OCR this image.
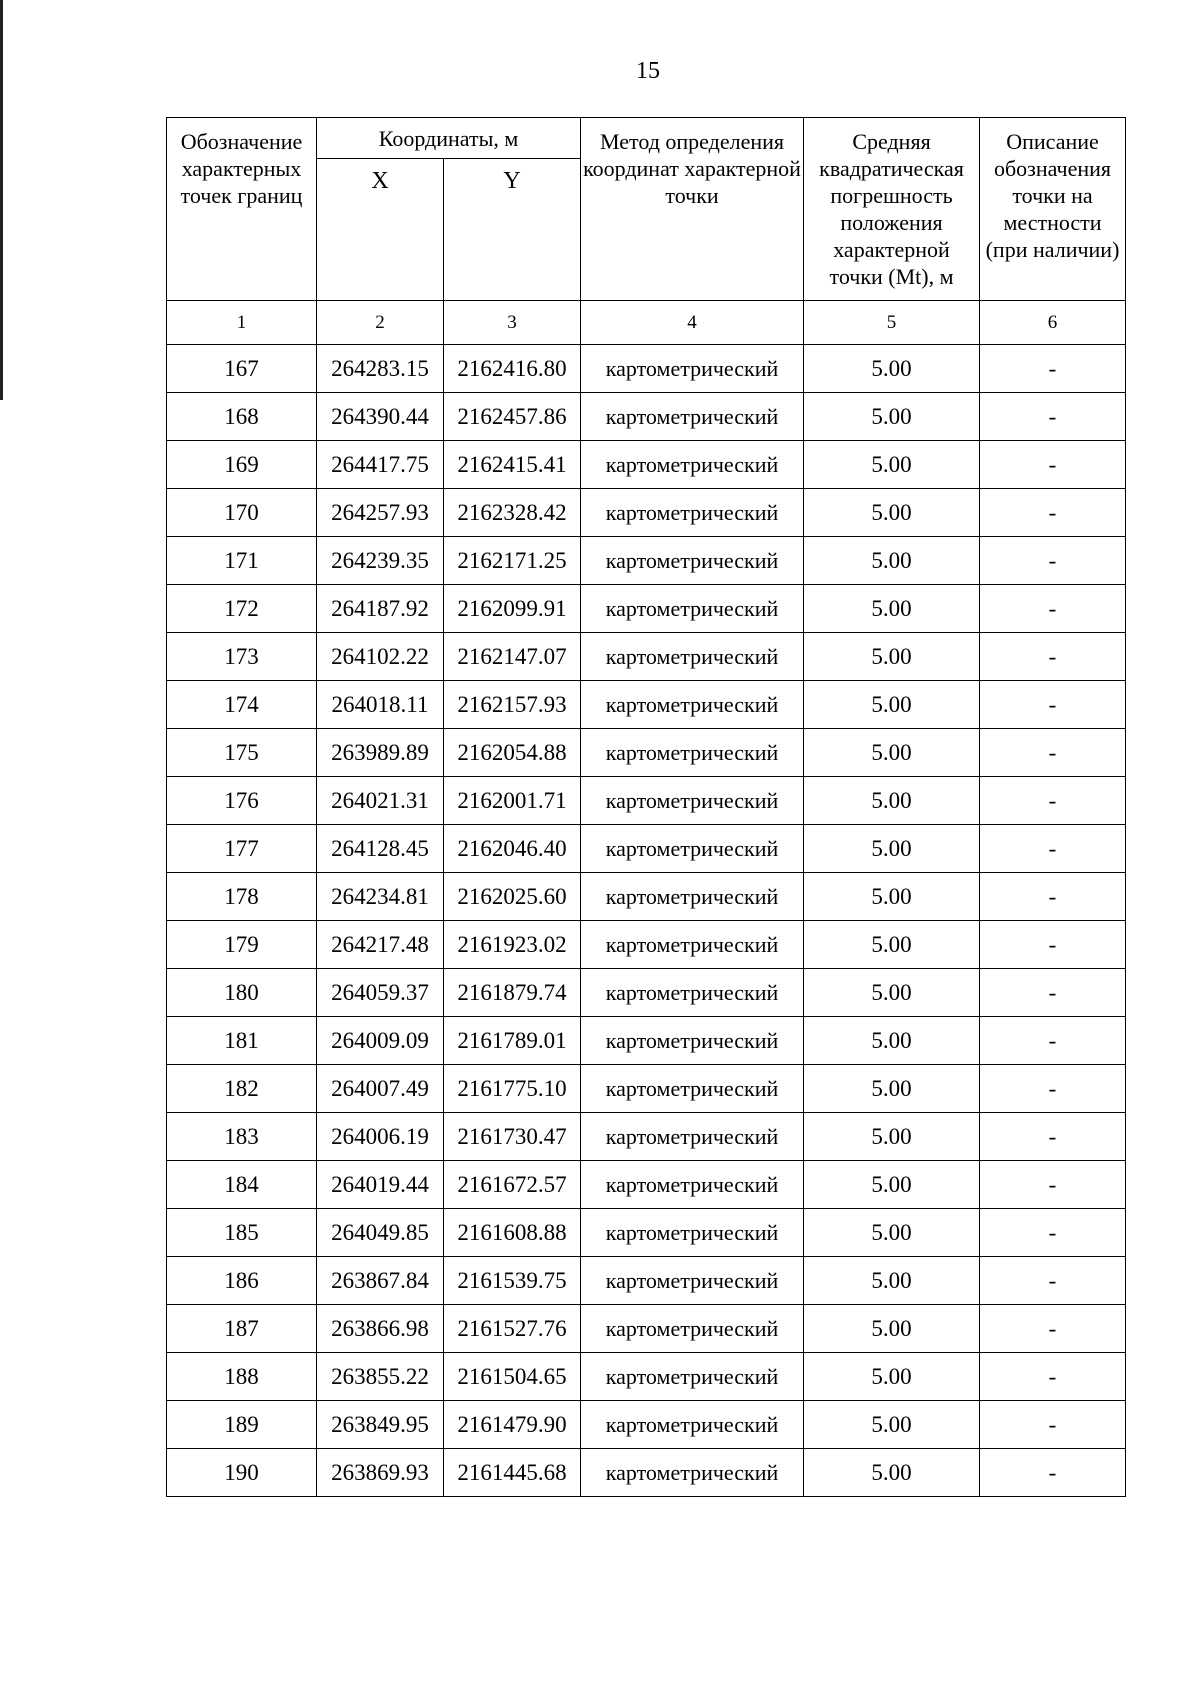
15
Обозначение характерных точек границ	Координаты, м		Метод определения координат характерной точки	Средняя квадратическая погрешность положения характерной точки (Mt), м	Описание обозначения точки на местности (при наличии)
	X	Y			
1	2	3	4	5	6
167	264283.15	2162416.80	картометрический	5.00	-
168	264390.44	2162457.86	картометрический	5.00	-
169	264417.75	2162415.41	картометрический	5.00	-
170	264257.93	2162328.42	картометрический	5.00	-
171	264239.35	2162171.25	картометрический	5.00	-
172	264187.92	2162099.91	картометрический	5.00	-
173	264102.22	2162147.07	картометрический	5.00	-
174	264018.11	2162157.93	картометрический	5.00	-
175	263989.89	2162054.88	картометрический	5.00	-
176	264021.31	2162001.71	картометрический	5.00	-
177	264128.45	2162046.40	картометрический	5.00	-
178	264234.81	2162025.60	картометрический	5.00	-
179	264217.48	2161923.02	картометрический	5.00	-
180	264059.37	2161879.74	картометрический	5.00	-
181	264009.09	2161789.01	картометрический	5.00	-
182	264007.49	2161775.10	картометрический	5.00	-
183	264006.19	2161730.47	картометрический	5.00	-
184	264019.44	2161672.57	картометрический	5.00	-
185	264049.85	2161608.88	картометрический	5.00	-
186	263867.84	2161539.75	картометрический	5.00	-
187	263866.98	2161527.76	картометрический	5.00	-
188	263855.22	2161504.65	картометрический	5.00	-
189	263849.95	2161479.90	картометрический	5.00	-
190	263869.93	2161445.68	картометрический	5.00	-
